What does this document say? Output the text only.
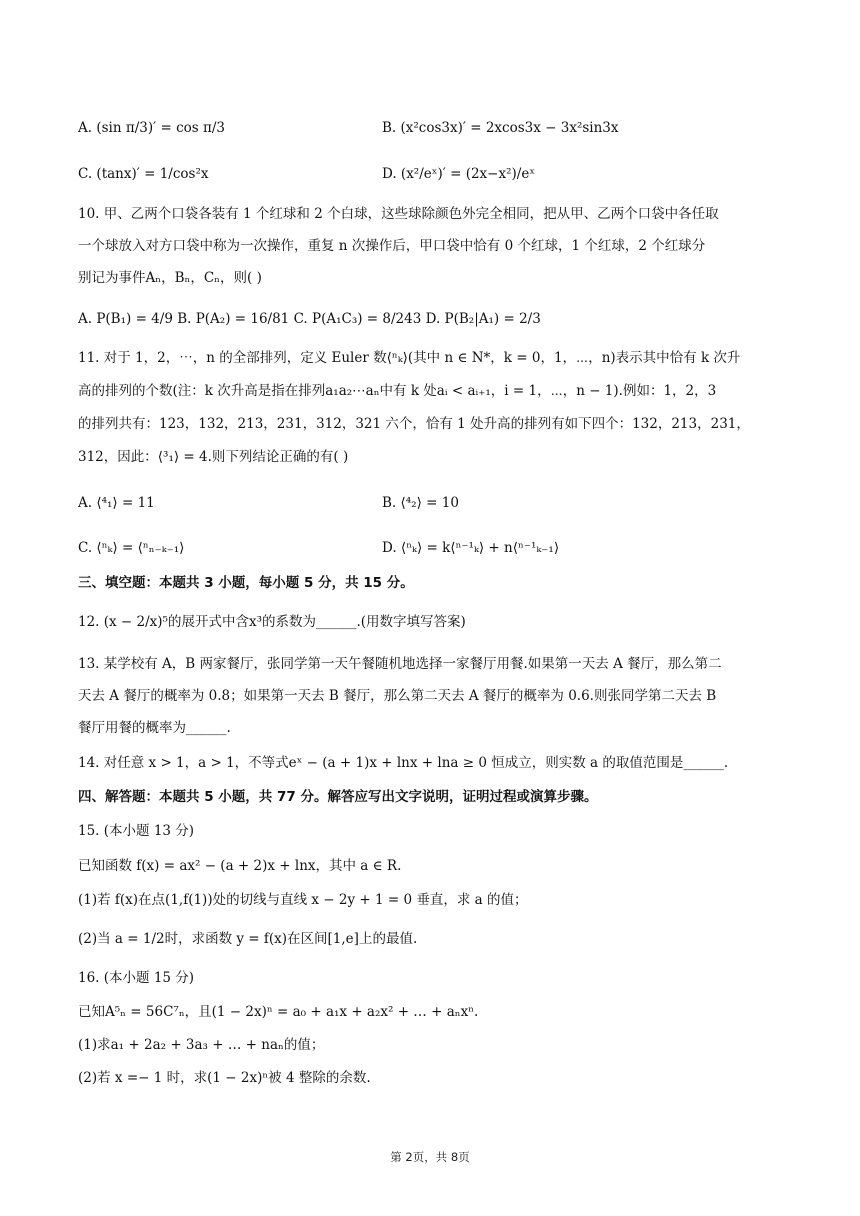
A. (sin π/3)′ = cos π/3	B. (x²cos3x)′ = 2xcos3x − 3x²sin3x
C. (tanx)′ = 1/cos²x	D. (x²/eˣ)′ = (2x−x²)/eˣ
10. 甲、乙两个口袋各装有 1 个红球和 2 个白球，这些球除颜色外完全相同，把从甲、乙两个口袋中各任取
一个球放入对方口袋中称为一次操作，重复 n 次操作后，甲口袋中恰有 0 个红球，1 个红球，2 个红球分
别记为事件Aₙ，Bₙ，Cₙ，则( )
A. P(B₁) = 4/9 B. P(A₂) = 16/81 C. P(A₁C₃) = 8/243 D. P(B₂|A₁) = 2/3
11. 对于 1，2，⋯，n 的全部排列，定义 Euler 数⟨ⁿₖ⟩(其中 n ∈ N*，k = 0，1，⋯，n)表示其中恰有 k 次升
高的排列的个数(注：k 次升高是指在排列a₁a₂⋯aₙ中有 k 处aᵢ < aᵢ₊₁，i = 1，⋯，n − 1).例如：1，2，3
的排列共有：123，132，213，231，312，321 六个，恰有 1 处升高的排列有如下四个：132，213，231，
312，因此：⟨³₁⟩ = 4.则下列结论正确的有( )
A. ⟨⁴₁⟩ = 11	B. ⟨⁴₂⟩ = 10
C. ⟨ⁿₖ⟩ = ⟨ⁿₙ₋ₖ₋₁⟩	D. ⟨ⁿₖ⟩ = k⟨ⁿ⁻¹ₖ⟩ + n⟨ⁿ⁻¹ₖ₋₁⟩
三、填空题：本题共 3 小题，每小题 5 分，共 15 分。
12. (x − 2/x)⁵的展开式中含x³的系数为______.(用数字填写答案)
13. 某学校有 A，B 两家餐厅，张同学第一天午餐随机地选择一家餐厅用餐.如果第一天去 A 餐厅，那么第二
天去 A 餐厅的概率为 0.8；如果第一天去 B 餐厅，那么第二天去 A 餐厅的概率为 0.6.则张同学第二天去 B
餐厅用餐的概率为______.
14. 对任意 x > 1，a > 1，不等式eˣ − (a + 1)x + lnx + lna ≥ 0 恒成立，则实数 a 的取值范围是______.
四、解答题：本题共 5 小题，共 77 分。解答应写出文字说明，证明过程或演算步骤。
15. (本小题 13 分)
已知函数 f(x) = ax² − (a + 2)x + lnx，其中 a ∈ R.
(1)若 f(x)在点(1,f(1))处的切线与直线 x − 2y + 1 = 0 垂直，求 a 的值；
(2)当 a = 1/2时，求函数 y = f(x)在区间[1,e]上的最值.
16. (本小题 15 分)
已知A⁵ₙ = 56C⁷ₙ，且(1 − 2x)ⁿ = a₀ + a₁x + a₂x² + … + aₙxⁿ.
(1)求a₁ + 2a₂ + 3a₃ + … + naₙ的值；
(2)若 x =− 1 时，求(1 − 2x)ⁿ被 4 整除的余数.
第 2页，共 8页
